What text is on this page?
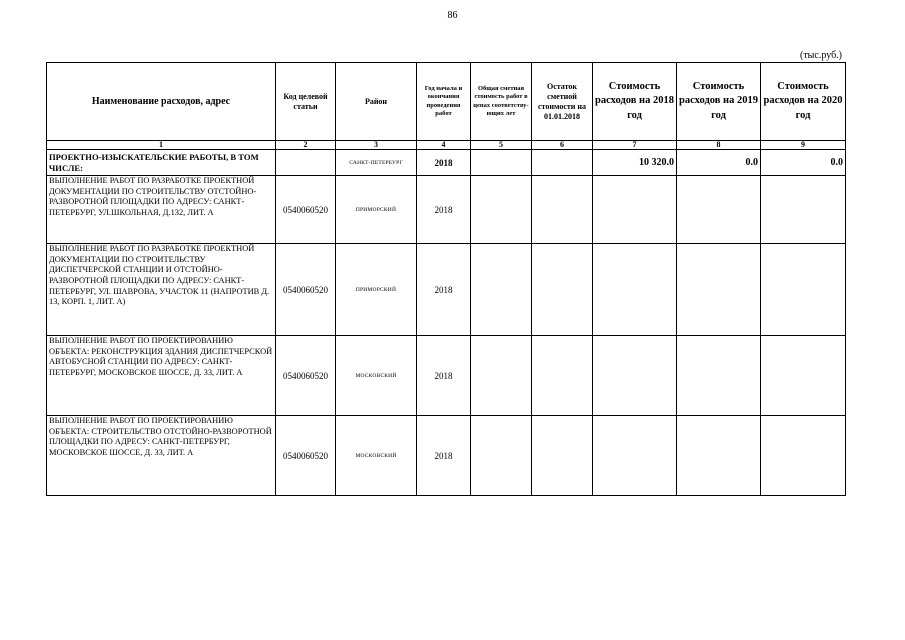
86
(тыс.руб.)
Наименование расходов, адрес	Код целевой статьи	Район	Год начала и окончания проведения работ	Общая сметная стоимость работ в ценах соответству-ющих лет	Остаток сметной стоимости на 01.01.2018	Стоимость расходов на 2018 год	Стоимость расходов на 2019 год	Стоимость расходов на 2020 год
1	2	3	4	5	6	7	8	9
ПРОЕКТНО-ИЗЫСКАТЕЛЬСКИЕ РАБОТЫ, В ТОМ ЧИСЛЕ:		САНКТ-ПЕТЕРБУРГ	2018			10 320.0	0.0	0.0
ВЫПОЛНЕНИЕ РАБОТ ПО РАЗРАБОТКЕ ПРОЕКТНОЙ ДОКУМЕНТАЦИИ ПО СТРОИТЕЛЬСТВУ ОТСТОЙНО-РАЗВОРОТНОЙ ПЛОЩАДКИ ПО АДРЕСУ: САНКТ-ПЕТЕРБУРГ, УЛ.ШКОЛЬНАЯ, Д.132, ЛИТ. А	0540060520	ПРИМОРСКИЙ	2018					
ВЫПОЛНЕНИЕ РАБОТ ПО РАЗРАБОТКЕ ПРОЕКТНОЙ ДОКУМЕНТАЦИИ ПО СТРОИТЕЛЬСТВУ ДИСПЕТЧЕРСКОЙ СТАНЦИИ И ОТСТОЙНО-РАЗВОРОТНОЙ ПЛОЩАДКИ ПО АДРЕСУ: САНКТ-ПЕТЕРБУРГ, УЛ. ШАВРОВА, УЧАСТОК 11 (НАПРОТИВ Д. 13, КОРП. 1, ЛИТ. А)	0540060520	ПРИМОРСКИЙ	2018					
ВЫПОЛНЕНИЕ РАБОТ ПО ПРОЕКТИРОВАНИЮ ОБЪЕКТА: РЕКОНСТРУКЦИЯ ЗДАНИЯ ДИСПЕТЧЕРСКОЙ АВТОБУСНОЙ СТАНЦИИ ПО АДРЕСУ: САНКТ-ПЕТЕРБУРГ, МОСКОВСКОЕ ШОССЕ, Д. 33, ЛИТ. А	0540060520	МОСКОВСКИЙ	2018					
ВЫПОЛНЕНИЕ РАБОТ ПО ПРОЕКТИРОВАНИЮ ОБЪЕКТА: СТРОИТЕЛЬСТВО ОТСТОЙНО-РАЗВОРОТНОЙ ПЛОЩАДКИ ПО АДРЕСУ: САНКТ-ПЕТЕРБУРГ, МОСКОВСКОЕ ШОССЕ, Д. 33, ЛИТ. А	0540060520	МОСКОВСКИЙ	2018					
